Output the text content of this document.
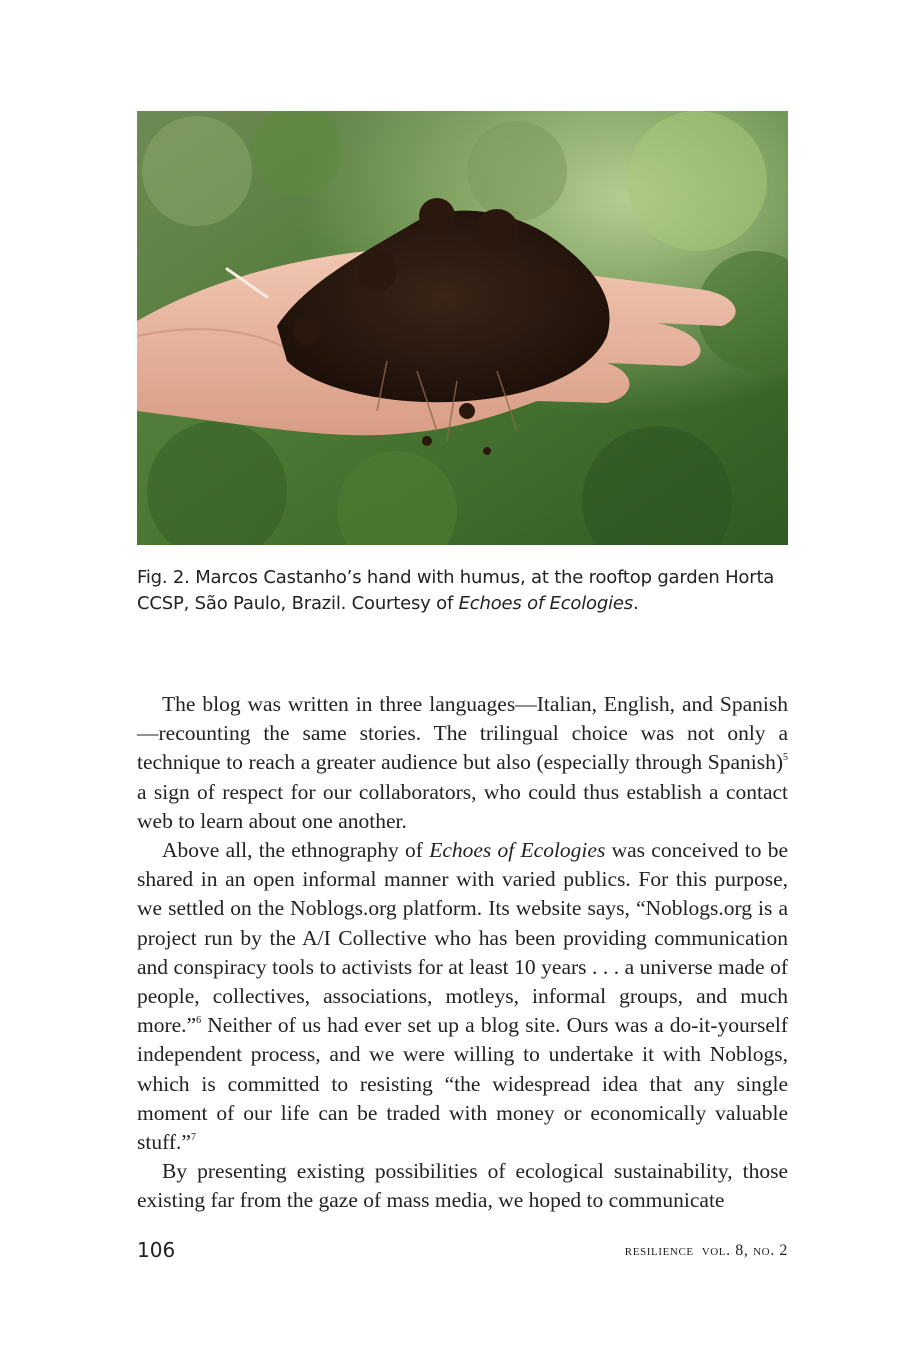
Fig. 2. Marcos Castanho’s hand with humus, at the rooftop garden Horta CCSP, São Paulo, Brazil. Courtesy of Echoes of Ecologies.

The blog was written in three languages—Italian, English, and Spanish—recounting the same stories. The trilingual choice was not only a technique to reach a greater audience but also (especially through Spanish)$^5$ a sign of respect for our collaborators, who could thus establish a contact web to learn about one another.

Above all, the ethnography of Echoes of Ecologies was conceived to be shared in an open informal manner with varied publics. For this purpose, we settled on the Noblogs.org platform. Its website says, “Noblogs.org is a project run by the A/I Collective who has been providing communication and conspiracy tools to activists for at least 10 years . . . a universe made of people, collectives, associations, motleys, informal groups, and much more.”$^6$ Neither of us had ever set up a blog site. Ours was a do-it-yourself independent process, and we were willing to undertake it with Noblogs, which is committed to resisting “the widespread idea that any single moment of our life can be traded with money or economically valuable stuff.”$^7$

By presenting existing possibilities of ecological sustainability, those existing far from the gaze of mass media, we hoped to communicate

106	resilience vol. 8, no. 2
